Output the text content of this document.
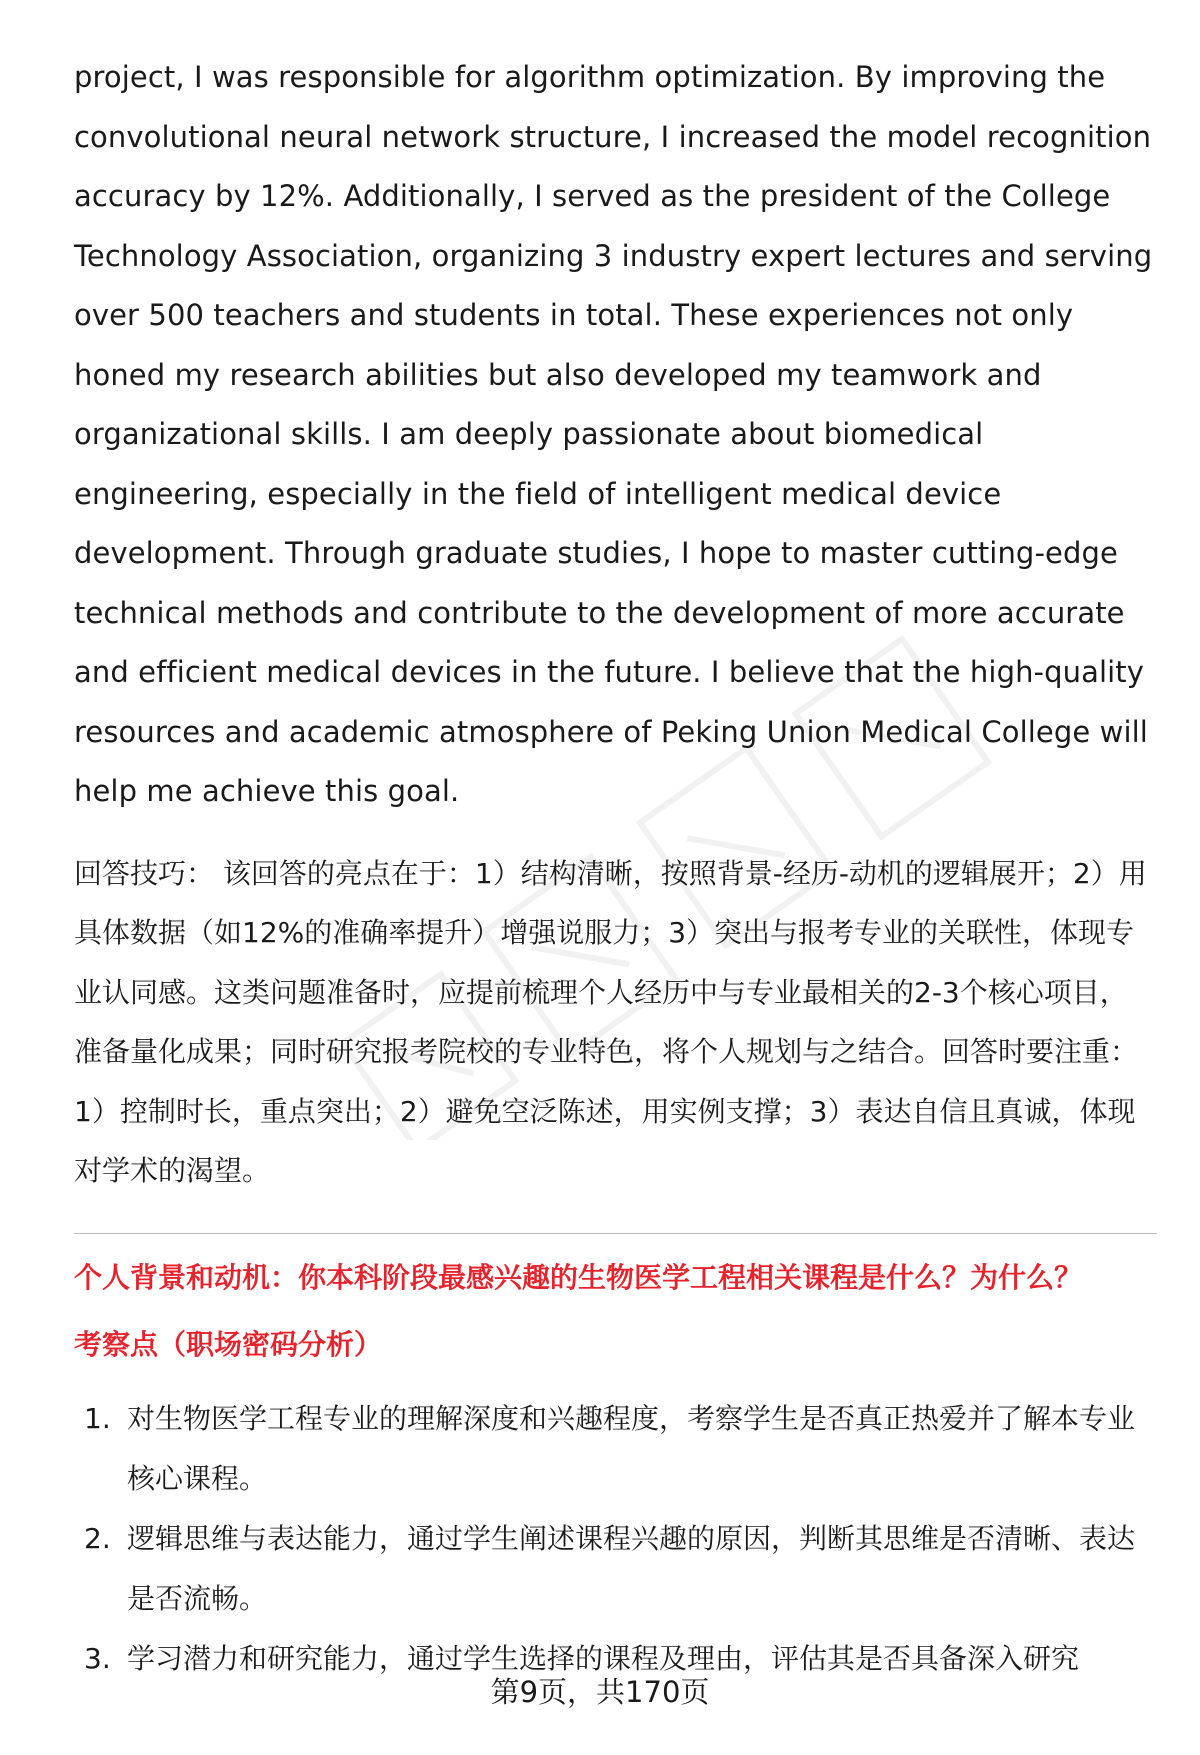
project, I was responsible for algorithm optimization. By improving the convolutional neural network structure, I increased the model recognition accuracy by 12%. Additionally, I served as the president of the College Technology Association, organizing 3 industry expert lectures and serving over 500 teachers and students in total. These experiences not only honed my research abilities but also developed my teamwork and organizational skills. I am deeply passionate about biomedical engineering, especially in the field of intelligent medical device development. Through graduate studies, I hope to master cutting-edge technical methods and contribute to the development of more accurate and efficient medical devices in the future. I believe that the high-quality resources and academic atmosphere of Peking Union Medical College will help me achieve this goal.

回答技巧： 该回答的亮点在于：1）结构清晰，按照背景-经历-动机的逻辑展开；2）用具体数据（如12%的准确率提升）增强说服力；3）突出与报考专业的关联性，体现专业认同感。这类问题准备时，应提前梳理个人经历中与专业最相关的2-3个核心项目，准备量化成果；同时研究报考院校的专业特色，将个人规划与之结合。回答时要注重：1）控制时长，重点突出；2）避免空泛陈述，用实例支撑；3）表达自信且真诚，体现对学术的渴望。

个人背景和动机：你本科阶段最感兴趣的生物医学工程相关课程是什么？为什么？

考察点（职场密码分析）

1. 对生物医学工程专业的理解深度和兴趣程度，考察学生是否真正热爱并了解本专业核心课程。
2. 逻辑思维与表达能力，通过学生阐述课程兴趣的原因，判断其思维是否清晰、表达是否流畅。
3. 学习潜力和研究能力，通过学生选择的课程及理由，评估其是否具备深入研究
第9页，共170页
